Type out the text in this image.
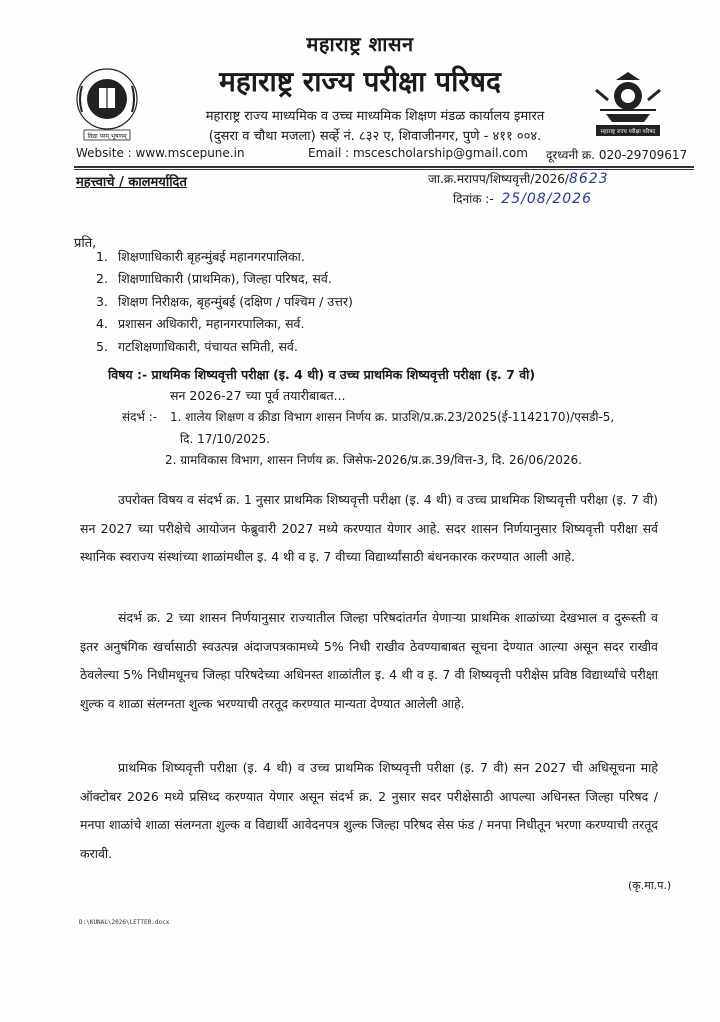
विद्या परम् भूषणम्
महाराष्ट्र राज्य परीक्षा परिषद
महाराष्ट्र शासन
महाराष्ट्र राज्य परीक्षा परिषद
महाराष्ट्र राज्य माध्यमिक व उच्च माध्यमिक शिक्षण मंडळ कार्यालय इमारत
(दुसरा व चौथा मजला) सर्व्हे नं. ८३२ ए, शिवाजीनगर, पुणे - ४११ ००४.
Website : www.mscepune.in	Email : mscescholarship@gmail.com दूरध्वनी क्र. 020-29709617
महत्त्वाचे / कालमर्यादित	जा.क्र.मरापप/शिष्यवृत्ती/2026/8623
दिनांक :- 25/08/2026
प्रति,
1. शिक्षणाधिकारी बृहन्मुंबई महानगरपालिका.
2. शिक्षणाधिकारी (प्राथमिक), जिल्हा परिषद, सर्व.
3. शिक्षण निरीक्षक, बृहन्मुंबई (दक्षिण / पश्चिम / उत्तर)
4. प्रशासन अधिकारी, महानगरपालिका, सर्व.
5. गटशिक्षणाधिकारी, पंचायत समिती, सर्व.
विषय :- प्राथमिक शिष्यवृत्ती परीक्षा (इ. 4 थी) व उच्च प्राथमिक शिष्यवृत्ती परीक्षा (इ. 7 वी)
सन 2026-27 च्या पूर्व तयारीबाबत...
संदर्भ :- 1. शालेय शिक्षण व क्रीडा विभाग शासन निर्णय क्र. प्राउशि/प्र.क्र.23/2025(ई-1142170)/एसडी-5,
दि. 17/10/2025.
2. ग्रामविकास विभाग, शासन निर्णय क्र. जिसेफ-2026/प्र.क्र.39/वित्त-3, दि. 26/06/2026.

उपरोक्त विषय व संदर्भ क्र. 1 नुसार प्राथमिक शिष्यवृत्ती परीक्षा (इ. 4 थी) व उच्च प्राथमिक शिष्यवृत्ती परीक्षा (इ. 7 वी) सन 2027 च्या परीक्षेचे आयोजन फेब्रुवारी 2027 मध्ये करण्यात येणार आहे. सदर शासन निर्णयानुसार शिष्यवृत्ती परीक्षा सर्व स्थानिक स्वराज्य संस्थांच्या शाळांमधील इ. 4 थी व इ. 7 वीच्या विद्यार्थ्यांसाठी बंधनकारक करण्यात आली आहे.

संदर्भ क्र. 2 च्या शासन निर्णयानुसार राज्यातील जिल्हा परिषदांतर्गत येणाऱ्या प्राथमिक शाळांच्या देखभाल व दुरूस्ती व इतर अनुषंगिक खर्चासाठी स्वउत्पन्न अंदाजपत्रकामध्ये 5% निधी राखीव ठेवण्याबाबत सूचना देण्यात आल्या असून सदर राखीव ठेवलेल्या 5% निधीमधूनच जिल्हा परिषदेच्या अधिनस्त शाळांतील इ. 4 थी व इ. 7 वी शिष्यवृत्ती परीक्षेस प्रविष्ठ विद्यार्थ्यांचे परीक्षा शुल्क व शाळा संलग्नता शुल्क भरण्याची तरतूद करण्यात मान्यता देण्यात आलेली आहे.

प्राथमिक शिष्यवृत्ती परीक्षा (इ. 4 थी) व उच्च प्राथमिक शिष्यवृत्ती परीक्षा (इ. 7 वी) सन 2027 ची अधिसूचना माहे ऑक्टोबर 2026 मध्ये प्रसिध्द करण्यात येणार असून संदर्भ क्र. 2 नुसार सदर परीक्षेसाठी आपल्या अधिनस्त जिल्हा परिषद / मनपा शाळांचे शाळा संलग्नता शुल्क व विद्यार्थी आवेदनपत्र शुल्क जिल्हा परिषद सेस फंड / मनपा निधीतून भरणा करण्याची तरतूद करावी.

(कृ.मा.प.)
D:\KUNAL\2026\LETTER.docx
